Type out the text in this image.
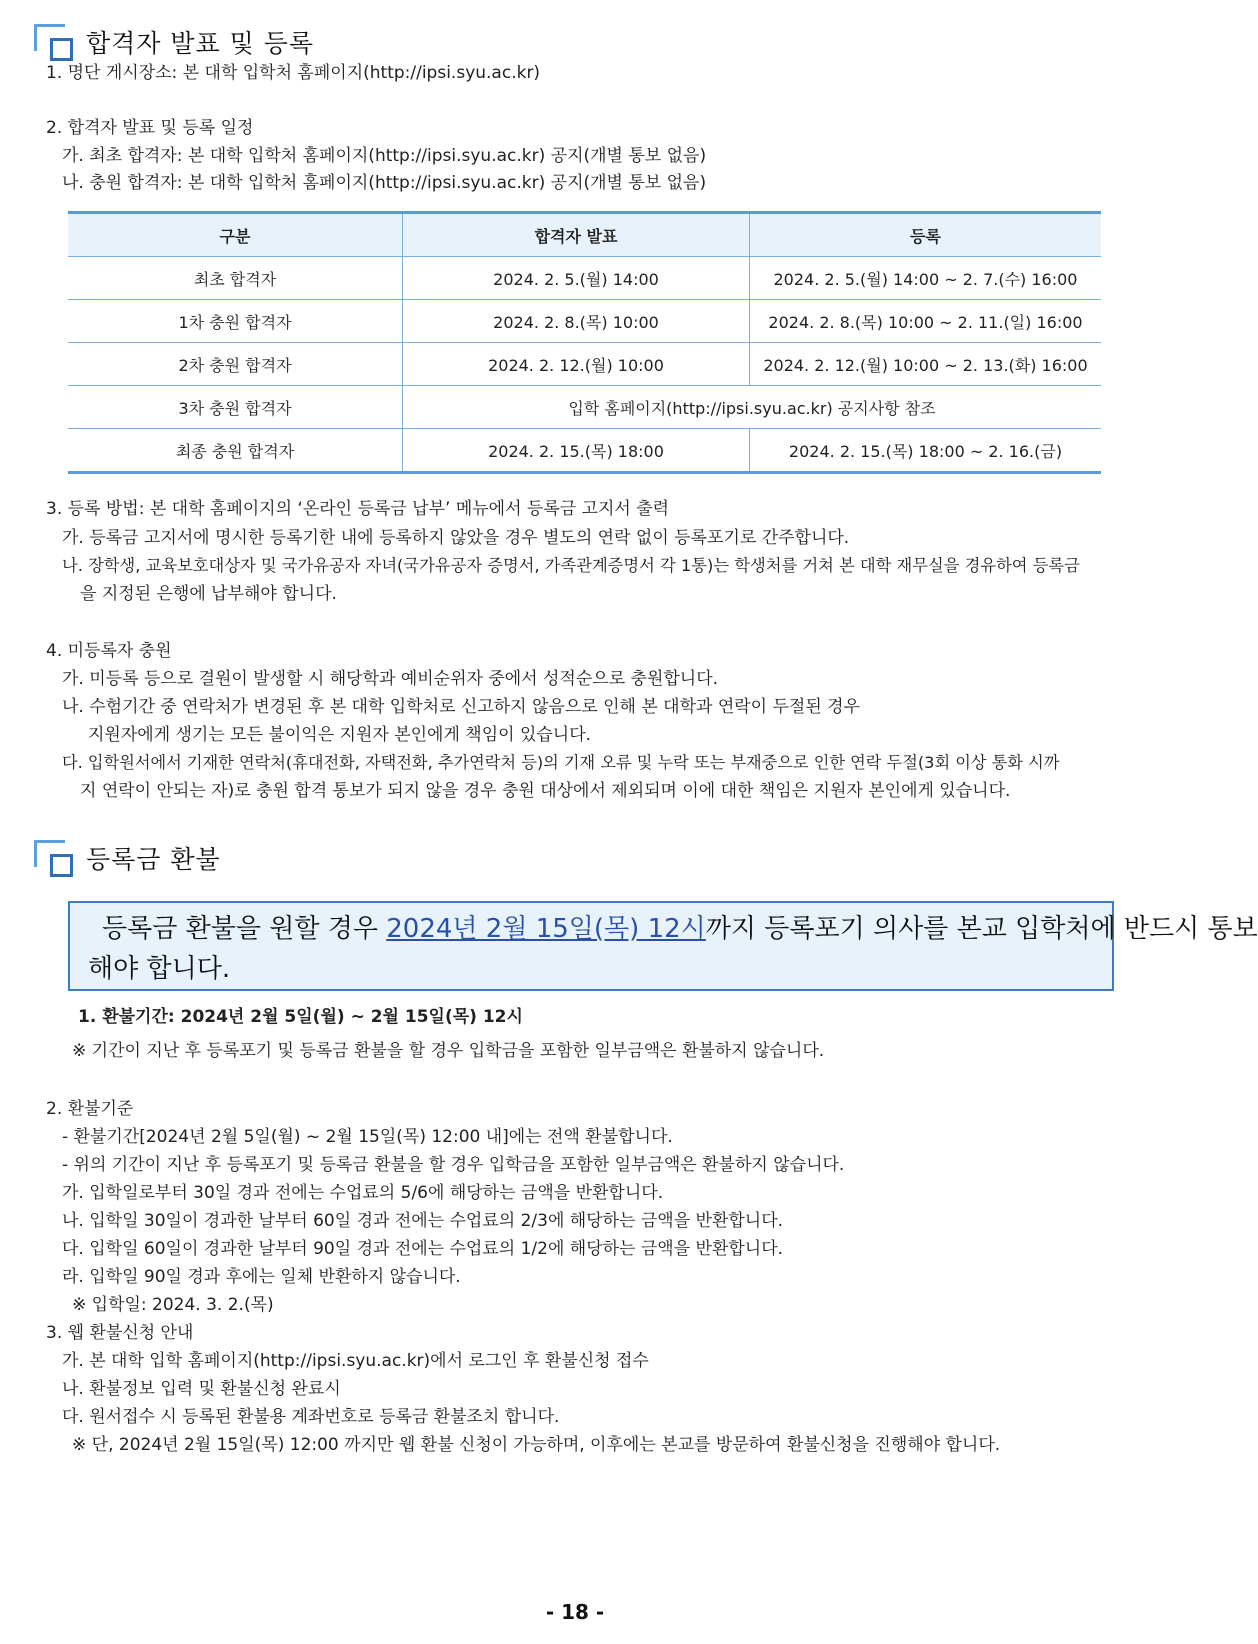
합격자 발표 및 등록
1. 명단 게시장소: 본 대학 입학처 홈페이지(http://ipsi.syu.ac.kr)
2. 합격자 발표 및 등록 일정
가. 최초 합격자: 본 대학 입학처 홈페이지(http://ipsi.syu.ac.kr) 공지(개별 통보 없음)
나. 충원 합격자: 본 대학 입학처 홈페이지(http://ipsi.syu.ac.kr) 공지(개별 통보 없음)
구분	합격자 발표	등록
최초 합격자	2024. 2. 5.(월) 14:00	2024. 2. 5.(월) 14:00 ~ 2. 7.(수) 16:00
1차 충원 합격자	2024. 2. 8.(목) 10:00	2024. 2. 8.(목) 10:00 ~ 2. 11.(일) 16:00
2차 충원 합격자	2024. 2. 12.(월) 10:00	2024. 2. 12.(월) 10:00 ~ 2. 13.(화) 16:00
3차 충원 합격자	입학 홈페이지(http://ipsi.syu.ac.kr) 공지사항 참조	
최종 충원 합격자	2024. 2. 15.(목) 18:00	2024. 2. 15.(목) 18:00 ~ 2. 16.(금)
3. 등록 방법: 본 대학 홈페이지의 ‘온라인 등록금 납부’ 메뉴에서 등록금 고지서 출력
가. 등록금 고지서에 명시한 등록기한 내에 등록하지 않았을 경우 별도의 연락 없이 등록포기로 간주합니다.
나. 장학생, 교육보호대상자 및 국가유공자 자녀(국가유공자 증명서, 가족관계증명서 각 1통)는 학생처를 거쳐 본 대학 재무실을 경유하여 등록금
을 지정된 은행에 납부해야 합니다.
4. 미등록자 충원
가. 미등록 등으로 결원이 발생할 시 해당학과 예비순위자 중에서 성적순으로 충원합니다.
나. 수험기간 중 연락처가 변경된 후 본 대학 입학처로 신고하지 않음으로 인해 본 대학과 연락이 두절된 경우
지원자에게 생기는 모든 불이익은 지원자 본인에게 책임이 있습니다.
다. 입학원서에서 기재한 연락처(휴대전화, 자택전화, 추가연락처 등)의 기재 오류 및 누락 또는 부재중으로 인한 연락 두절(3회 이상 통화 시까
지 연락이 안되는 자)로 충원 합격 통보가 되지 않을 경우 충원 대상에서 제외되며 이에 대한 책임은 지원자 본인에게 있습니다.
등록금 환불
등록금 환불을 원할 경우 2024년 2월 15일(목) 12시까지 등록포기 의사를 본교 입학처에 반드시 통보
해야 합니다.
1. 환불기간: 2024년 2월 5일(월) ~ 2월 15일(목) 12시
※ 기간이 지난 후 등록포기 및 등록금 환불을 할 경우 입학금을 포함한 일부금액은 환불하지 않습니다.
2. 환불기준
- 환불기간[2024년 2월 5일(월) ~ 2월 15일(목) 12:00 내]에는 전액 환불합니다.
- 위의 기간이 지난 후 등록포기 및 등록금 환불을 할 경우 입학금을 포함한 일부금액은 환불하지 않습니다.
가. 입학일로부터 30일 경과 전에는 수업료의 5/6에 해당하는 금액을 반환합니다.
나. 입학일 30일이 경과한 날부터 60일 경과 전에는 수업료의 2/3에 해당하는 금액을 반환합니다.
다. 입학일 60일이 경과한 날부터 90일 경과 전에는 수업료의 1/2에 해당하는 금액을 반환합니다.
라. 입학일 90일 경과 후에는 일체 반환하지 않습니다.
※ 입학일: 2024. 3. 2.(목)
3. 웹 환불신청 안내
가. 본 대학 입학 홈페이지(http://ipsi.syu.ac.kr)에서 로그인 후 환불신청 접수
나. 환불정보 입력 및 환불신청 완료시
다. 원서접수 시 등록된 환불용 계좌번호로 등록금 환불조치 합니다.
※ 단, 2024년 2월 15일(목) 12:00 까지만 웹 환불 신청이 가능하며, 이후에는 본교를 방문하여 환불신청을 진행해야 합니다.
- 18 -
